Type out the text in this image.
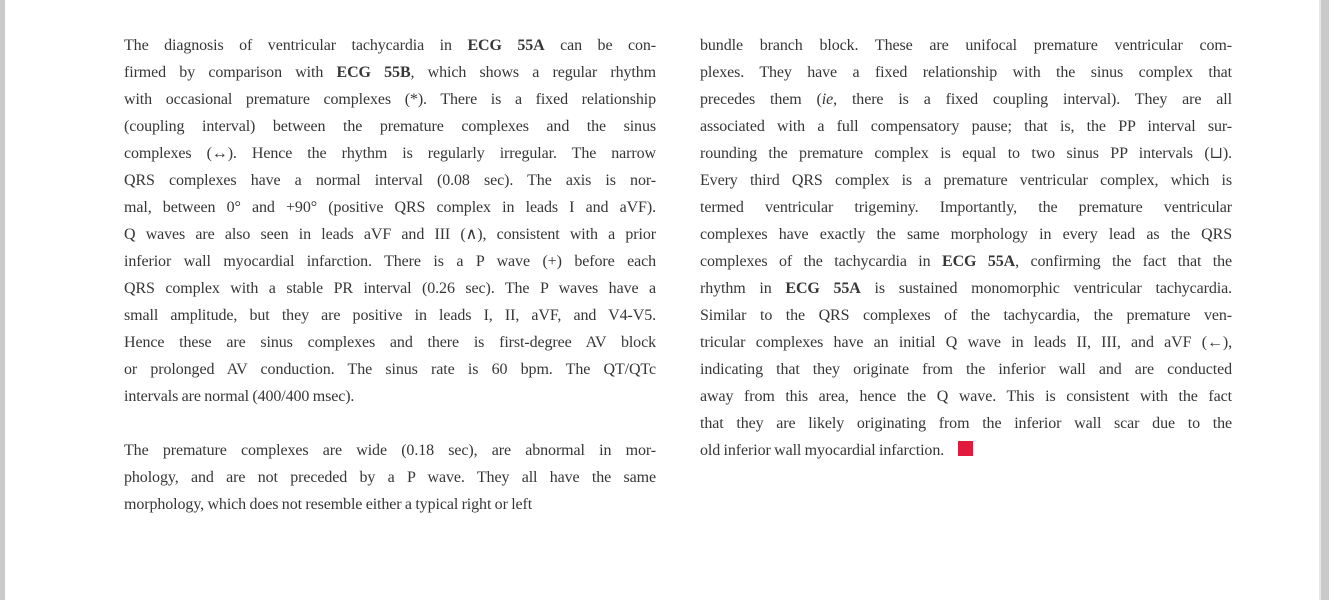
The diagnosis of ventricular tachycardia in ECG 55A can be con-
firmed by comparison with ECG 55B, which shows a regular rhythm
with occasional premature complexes (*). There is a fixed relationship
(coupling interval) between the premature complexes and the sinus
complexes (↔). Hence the rhythm is regularly irregular. The narrow
QRS complexes have a normal interval (0.08 sec). The axis is nor-
mal, between 0° and +90° (positive QRS complex in leads I and aVF).
Q waves are also seen in leads aVF and III (∧), consistent with a prior
inferior wall myocardial infarction. There is a P wave (+) before each
QRS complex with a stable PR interval (0.26 sec). The P waves have a
small amplitude, but they are positive in leads I, II, aVF, and V4-V5.
Hence these are sinus complexes and there is first-degree AV block
or prolonged AV conduction. The sinus rate is 60 bpm. The QT/QTc
intervals are normal (400/400 msec).
The premature complexes are wide (0.18 sec), are abnormal in mor-
phology, and are not preceded by a P wave. They all have the same
morphology, which does not resemble either a typical right or left
bundle branch block. These are unifocal premature ventricular com-
plexes. They have a fixed relationship with the sinus complex that
precedes them (ie, there is a fixed coupling interval). They are all
associated with a full compensatory pause; that is, the PP interval sur-
rounding the premature complex is equal to two sinus PP intervals (⊔).
Every third QRS complex is a premature ventricular complex, which is
termed ventricular trigeminy. Importantly, the premature ventricular
complexes have exactly the same morphology in every lead as the QRS
complexes of the tachycardia in ECG 55A, confirming the fact that the
rhythm in ECG 55A is sustained monomorphic ventricular tachycardia.
Similar to the QRS complexes of the tachycardia, the premature ven-
tricular complexes have an initial Q wave in leads II, III, and aVF (←),
indicating that they originate from the inferior wall and are conducted
away from this area, hence the Q wave. This is consistent with the fact
that they are likely originating from the inferior wall scar due to the
old inferior wall myocardial infarction.
